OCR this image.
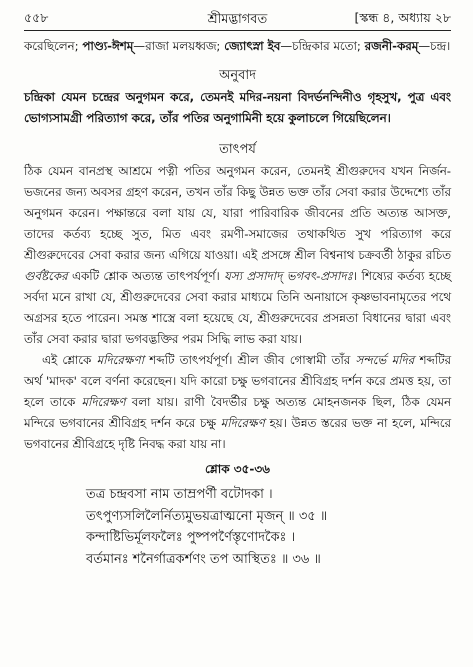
৫৫৮	শ্রীমদ্ভাগবত	[স্কন্ধ ৪, অধ্যায় ২৮

করেছিলেন; পাণ্ড্য-ঈশম্—রাজা মলয়ধ্বজ; জ্যোৎস্না ইব—চন্দ্রিকার মতো; রজনী-করম্—চন্দ্র।

অনুবাদ

চন্দ্রিকা যেমন চন্দ্রের অনুগমন করে, তেমনই মদির-নয়না বিদর্ভনন্দিনীও গৃহসুখ, পুত্র এবং ভোগ্যসামগ্রী পরিত্যাগ করে, তাঁর পতির অনুগামিনী হয়ে কুলাচলে গিয়েছিলেন।

তাৎপর্য

ঠিক যেমন বানপ্রস্থ আশ্রমে পত্নী পতির অনুগমন করেন, তেমনই শ্রীগুরুদেব যখন নির্জন-ভজনের জন্য অবসর গ্রহণ করেন, তখন তাঁর কিছু উন্নত ভক্ত তাঁর সেবা করার উদ্দেশ্যে তাঁর অনুগমন করেন। পক্ষান্তরে বলা যায় যে, যারা পারিবারিক জীবনের প্রতি অত্যন্ত আসক্ত, তাদের কর্তব্য হচ্ছে সুত, মিত এবং রমণী-সমাজের তথাকথিত সুখ পরিত্যাগ করে শ্রীগুরুদেবের সেবা করার জন্য এগিয়ে যাওয়া। এই প্রসঙ্গে শ্রীল বিশ্বনাথ চক্রবর্তী ঠাকুর রচিত গুর্বষ্টকের একটি শ্লোক অত্যন্ত তাৎপর্যপূর্ণ। যস্য প্রসাদাদ্ ভগবৎ-প্রসাদঃ। শিষ্যের কর্তব্য হচ্ছে সর্বদা মনে রাখা যে, শ্রীগুরুদেবের সেবা করার মাধ্যমে তিনি অনায়াসে কৃষ্ণভাবনামৃতের পথে অগ্রসর হতে পারেন। সমস্ত শাস্ত্রে বলা হয়েছে যে, শ্রীগুরুদেবের প্রসন্নতা বিধানের দ্বারা এবং তাঁর সেবা করার দ্বারা ভগবদ্ভক্তির পরম সিদ্ধি লাভ করা যায়।

এই শ্লোকে মদিরেক্ষণা শব্দটি তাৎপর্যপূর্ণ। শ্রীল জীব গোস্বামী তাঁর সন্দর্ভে মদির শব্দটির অর্থ 'মাদক' বলে বর্ণনা করেছেন। যদি কারো চক্ষু ভগবানের শ্রীবিগ্রহ দর্শন করে প্রমত্ত হয়, তা হলে তাকে মদিরেক্ষণ বলা যায়। রাণী বৈদর্ভীর চক্ষু অত্যন্ত মোহনজনক ছিল, ঠিক যেমন মন্দিরে ভগবানের শ্রীবিগ্রহ দর্শন করে চক্ষু মদিরেক্ষণ হয়। উন্নত স্তরের ভক্ত না হলে, মন্দিরে ভগবানের শ্রীবিগ্রহে দৃষ্টি নিবদ্ধ করা যায় না।

শ্লোক ৩৫-৩৬
তত্র চন্দ্রবসা নাম তাম্রপর্ণী বটোদকা ।
তৎপুণ্যসলিলৈর্নিত্যমুভয়ত্রাত্মনো মৃজন্ ॥ ৩৫ ॥
কন্দাষ্টিভির্মূলফলৈঃ পুষ্পপর্ণৈস্তৃণোদকৈঃ ।
বর্তমানঃ শনৈর্গাত্রকর্শণং তপ আস্থিতঃ ॥ ৩৬ ॥
